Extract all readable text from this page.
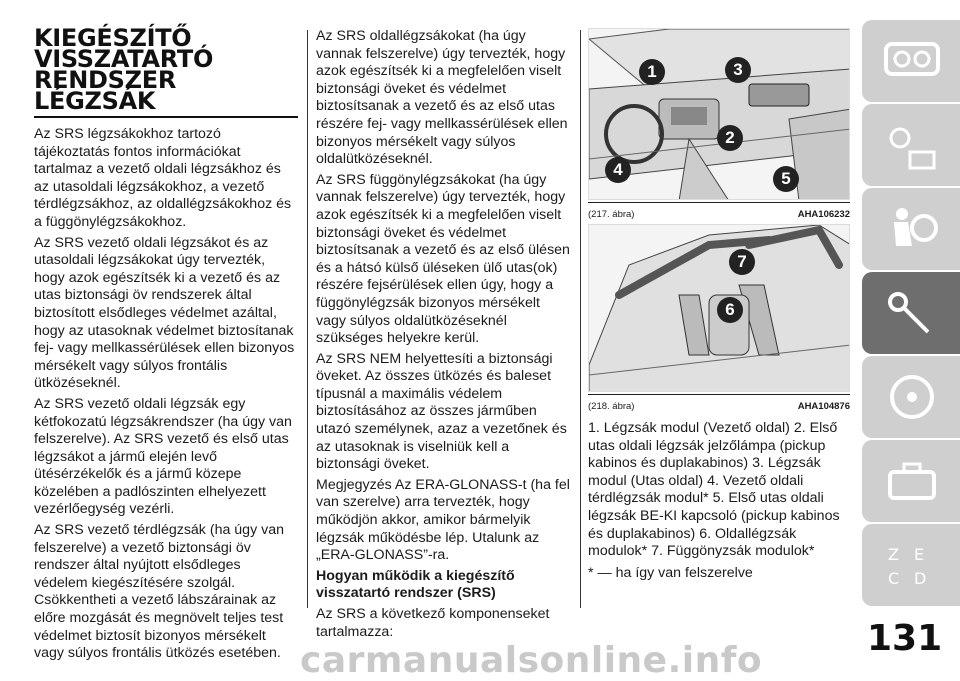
KIEGÉSZÍTŐ VISSZATARTÓ RENDSZER LÉGZSÁK

Az SRS légzsákokhoz tartozó tájékoztatás fontos információkat tartalmaz a vezető oldali légzsákhoz és az utasoldali légzsákokhoz, a vezető térdlégzsákhoz, az oldallégzsákokhoz és a függönylégzsákokhoz.

Az SRS vezető oldali légzsákot és az utasoldali légzsákokat úgy tervezték, hogy azok egészítsék ki a vezető és az utas biztonsági öv rendszerek által biztosított elsődleges védelmet azáltal, hogy az utasoknak védelmet biztosítanak fej- vagy mellkassérülések ellen bizonyos mérsékelt vagy súlyos frontális ütközéseknél.

Az SRS vezető oldali légzsák egy kétfokozatú légzsákrendszer (ha úgy van felszerelve). Az SRS vezető és első utas légzsákot a jármű elején levő ütésérzékelők és a jármű közepe közelében a padlószinten elhelyezett vezérlőegység vezérli.

Az SRS vezető térdlégzsák (ha úgy van felszerelve) a vezető biztonsági öv rendszer által nyújtott elsődleges védelem kiegészítésére szolgál. Csökkentheti a vezető lábszárainak az előre mozgását és megnövelt teljes test védelmet biztosít bizonyos mérsékelt vagy súlyos frontális ütközés esetében.

Az SRS oldallégzsákokat (ha úgy vannak felszerelve) úgy tervezték, hogy azok egészítsék ki a megfelelően viselt biztonsági öveket és védelmet biztosítsanak a vezető és az első utas részére fej- vagy mellkassérülések ellen bizonyos mérsékelt vagy súlyos oldalütközéseknél.

Az SRS függönylégzsákokat (ha úgy vannak felszerelve) úgy tervezték, hogy azok egészítsék ki a megfelelően viselt biztonsági öveket és védelmet biztosítsanak a vezető és az első ülésen és a hátsó külső üléseken ülő utas(ok) részére fejsérülések ellen úgy, hogy a függönylégzsák bizonyos mérsékelt vagy súlyos oldalütközéseknél szükséges helyekre kerül.

Az SRS NEM helyettesíti a biztonsági öveket. Az összes ütközés és baleset típusnál a maximális védelem biztosításához az összes járműben utazó személynek, azaz a vezetőnek és az utasoknak is viselniük kell a biztonsági öveket.

Megjegyzés Az ERA-GLONASS-t (ha fel van szerelve) arra tervezték, hogy működjön akkor, amikor bármelyik légzsák működésbe lép. Utalunk az „ERA-GLONASS”-ra.

Hogyan működik a kiegészítő visszatartó rendszer (SRS)

Az SRS a következő komponenseket tartalmazza:

1
2
3
4	5
(217. ábra)	AHA106232
6
7
(218. ábra)	AHA104876
1. Légzsák modul (Vezető oldal) 2. Első utas oldali légzsák jelzőlámpa (pickup kabinos és duplakabinos) 3. Légzsák modul (Utas oldal) 4. Vezető oldali térdlégzsák modul* 5. Első utas oldali légzsák BE-KI kapcsoló (pickup kabinos és duplakabinos) 6. Oldallégzsák modulok* 7. Függönyzsák modulok*

* — ha így van felszerelve

Z E
C D
131
carmanualsonline.info
